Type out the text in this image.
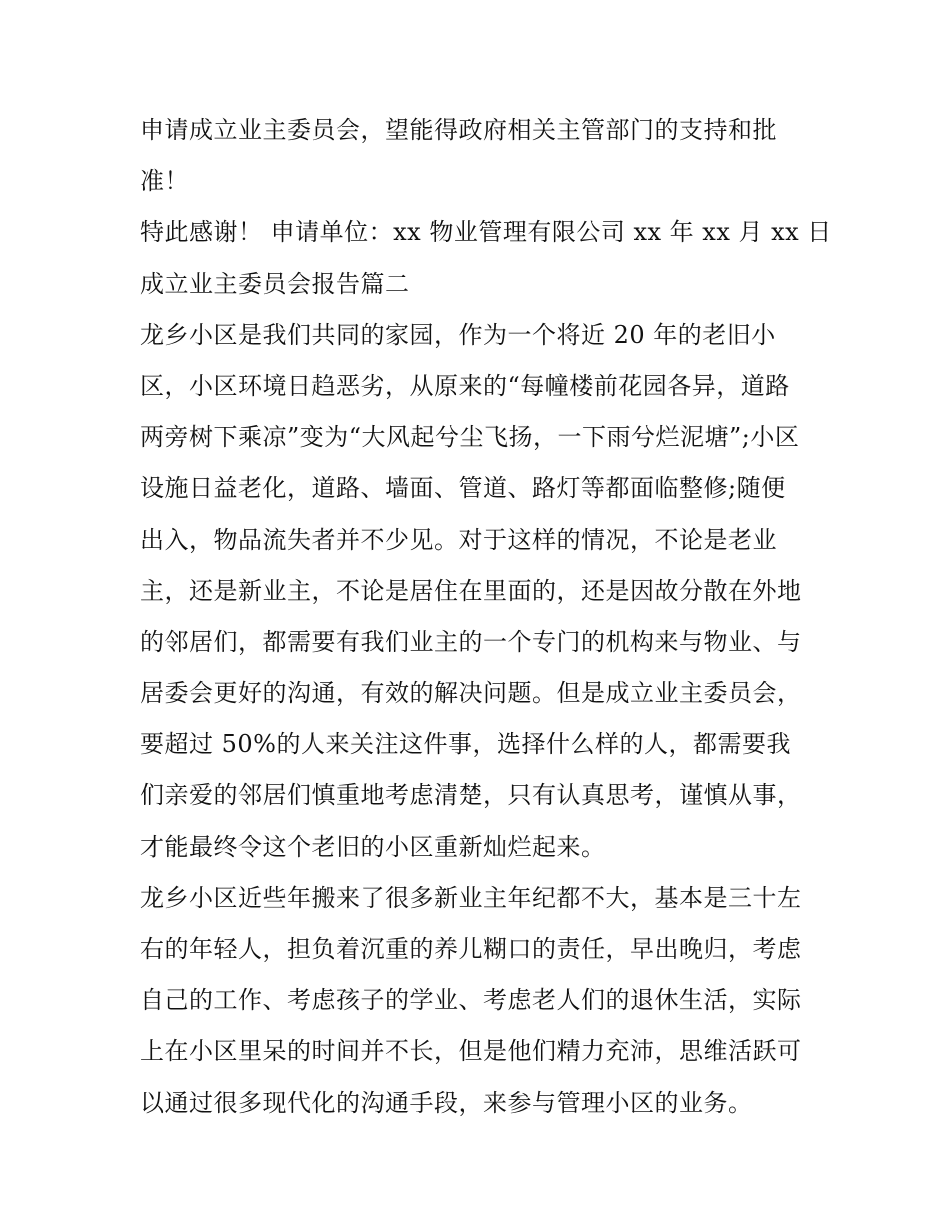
申请成立业主委员会，望能得政府相关主管部门的支持和批
准！
特此感谢！ 申请单位：xx 物业管理有限公司 xx 年 xx 月 xx 日
成立业主委员会报告篇二
龙乡小区是我们共同的家园，作为一个将近 20 年的老旧小
区，小区环境日趋恶劣，从原来的“每幢楼前花园各异，道路
两旁树下乘凉”变为“大风起兮尘飞扬，一下雨兮烂泥塘”;小区
设施日益老化，道路、墙面、管道、路灯等都面临整修;随便
出入，物品流失者并不少见。对于这样的情况，不论是老业
主，还是新业主，不论是居住在里面的，还是因故分散在外地
的邻居们，都需要有我们业主的一个专门的机构来与物业、与
居委会更好的沟通，有效的解决问题。但是成立业主委员会，
要超过 50%的人来关注这件事，选择什么样的人，都需要我
们亲爱的邻居们慎重地考虑清楚，只有认真思考，谨慎从事，
才能最终令这个老旧的小区重新灿烂起来。
龙乡小区近些年搬来了很多新业主年纪都不大，基本是三十左
右的年轻人，担负着沉重的养儿糊口的责任，早出晚归，考虑
自己的工作、考虑孩子的学业、考虑老人们的退休生活，实际
上在小区里呆的时间并不长，但是他们精力充沛，思维活跃可
以通过很多现代化的沟通手段，来参与管理小区的业务。
